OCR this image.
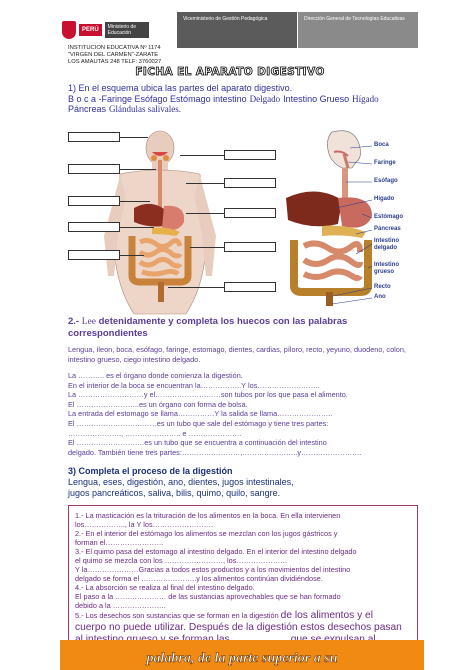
PERÚ	Ministerio de Educación
Viceministerio de Gestión Pedagógica	Dirección General de Tecnologías Educativas
INSTITUCION EDUCATIVA Nº 1174
"VIRGEN DEL CARMEN"-ZARATE
LOS AMAUTAS 248 TELF: 3760027
FICHA EL APARATO DIGESTIVO
1) En el esquema ubica las partes del aparato digestivo.
B o c a -Faringe Esófago Estómago intestino Delgado Intestino Grueso Hígado
Páncreas Glándulas salivales.
Boca
Faringe
Esófago
Hígado
Estómago
Páncreas
Intestino delgado
Intestino grueso
Recto
Ano
2.- Lee detenidamente y completa los huecos con las palabras correspondientes
Lengua, íleon, boca, esófago, faringe, estomago, dientes, cardias, píloro, recto, yeyuno, duodeno, colon, intestino grueso, ciego intestino delgado.
La ……….. es el órgano donde comienza la digestión.
En el interior de la boca se encuentran la……………..Y los……………………..
La ………………………y el………………………son tubos por los que pasa el alimento.
El ……………………..es un órgano con forma de bolsa.
La entrada del estomago se llama……………Y la salida se llama…………………..
El ……………………………es un tubo que sale del estómago y tiene tres partes:
…………………., ………………….. e ………………….
El ……………………….es un tubo que se encuentra a continuación del intestino
delgado. También tiene tres partes:……………………,…………………..y…………………….
3) Completa el proceso de la digestión
Lengua, eses, digestión, ano, dientes, jugos intestinales,
jugos pancreáticos, saliva, bilis, quimo, quilo, sangre.
1.- La masticación es la trituración de los alimentos en la boca. En ella intervienen
los…………….., la Y los…………………….
2.- En el interior del estómago los alimentos se mezclan con los jugos gástricos y
forman el……………………
3.- El quimo pasa del estomago al intestino delgado. En el interior del intestino delgado
el quimo se mezcla con los ……………………, los…………………
Y la…………………Gracias a todos estos productos y a los movimientos del intestino
delgado se forma el …………………..y los alimentos continúan dividiéndose.
4.- La absorción se realiza al final del intestino delgado.
El paso a la ………………… de las sustancias aprovechables que se han formado
debido a la ………………….
5.- Los desechos son sustancias que se forman en la digestión de los alimentos y el
cuerpo no puede utilizar. Después de la digestión estos desechos pasan
palabra, de la parte superior a su
